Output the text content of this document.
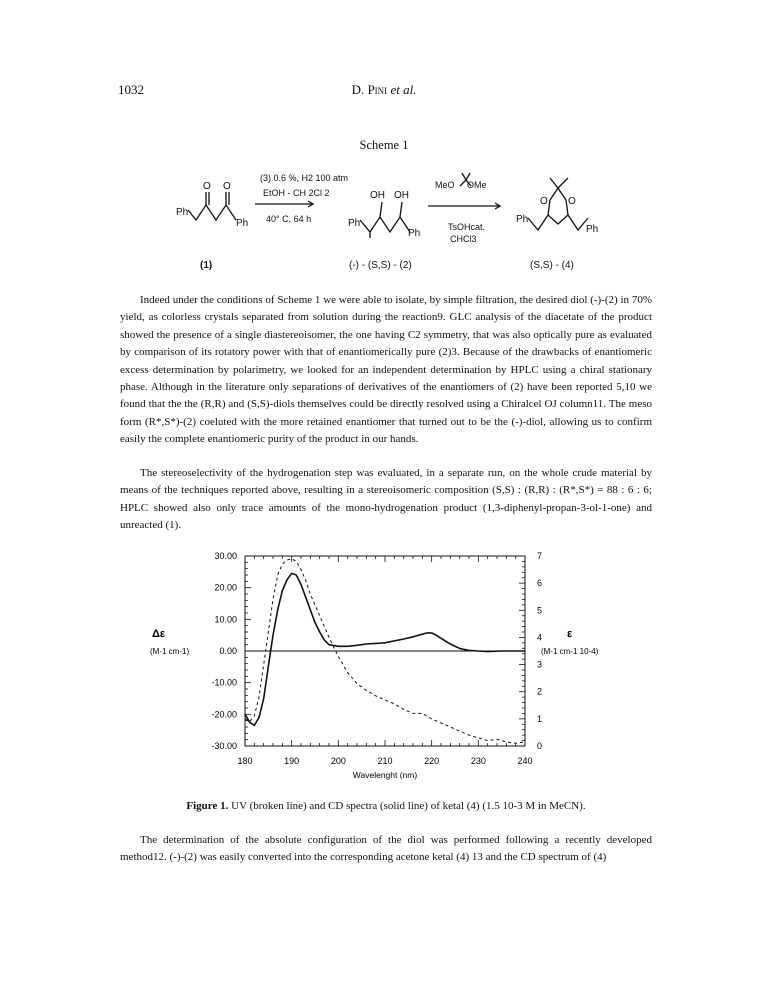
1032	D. Pini et al.
Scheme 1
Ph
Ph
O O
(1)
(3) 0.6 %, H2 100 atm
EtOH - CH 2Cl 2
40° C, 64 h
OH OH
Ph
Ph
(-) - (S,S) - (2)
MeO     OMe
TsOHcat.
CHCl3
Ph
Ph
O O
(S,S) - (4)

Indeed under the conditions of Scheme 1 we were able to isolate, by simple filtration, the desired diol (-)-(2) in 70% yield, as colorless crystals separated from solution during the reaction9. GLC analysis of the diacetate of the product showed the presence of a single diastereoisomer, the one having C2 symmetry, that was also optically pure as evaluated by comparison of its rotatory power with that of enantiomerically pure (2)3. Because of the drawbacks of enantiomeric excess determination by polarimetry, we looked for an independent determination by HPLC using a chiral stationary phase. Although in the literature only separations of derivatives of the enantiomers of (2) have been reported 5,10 we found that the the (R,R) and (S,S)-diols themselves could be directly resolved using a Chiralcel OJ column11. The meso form (R*,S*)-(2) coeluted with the more retained enantiomer that turned out to be the (-)-diol, allowing us to confirm easily the complete enantiomeric purity of the product in our hands.

The stereoselectivity of the hydrogenation step was evaluated, in a separate run, on the whole crude material by means of the techniques reported above, resulting in a stereoisomeric composition (S,S) : (R,R) : (R*,S*) = 88 : 6 : 6; HPLC showed also only trace amounts of the mono-hydrogenation product (1,3-diphenyl-propan-3-ol-1-one) and unreacted (1).

180	190	200	210	220	230	240
30.00
20.00
10.00
0.00
-10.00
-20.00
-30.00
7
6
5
4
3
2
1
0
Wavelenght (nm)
Δε
(M-1 cm-1)
ε
(M-1 cm-1 10-4)
Figure 1. UV (broken line) and CD spectra (solid line) of ketal (4) (1.5 10-3 M in MeCN).

The determination of the absolute configuration of the diol was performed following a recently developed method12. (-)-(2) was easily converted into the corresponding acetone ketal (4) 13 and the CD spectrum of (4)
